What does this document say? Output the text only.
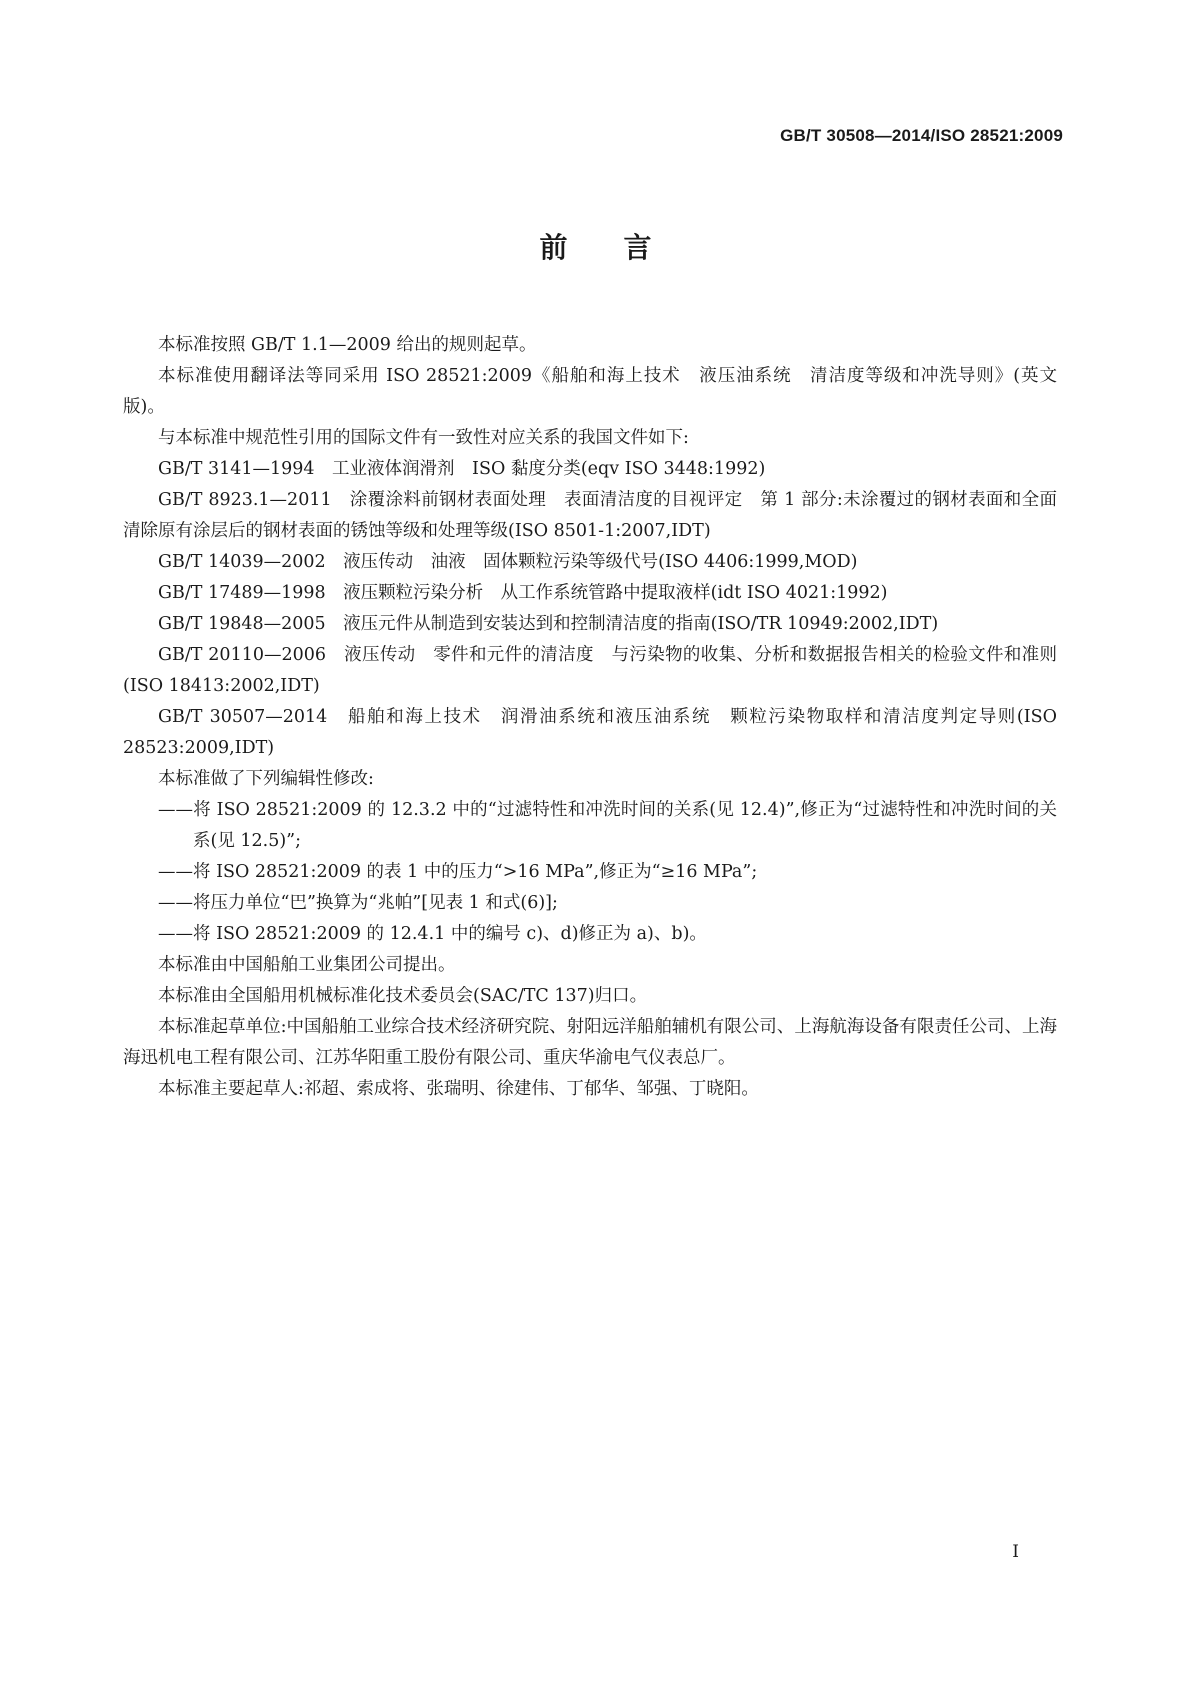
GB/T 30508—2014/ISO 28521:2009
前言

本标准按照 GB/T 1.1—2009 给出的规则起草。

本标准使用翻译法等同采用 ISO 28521:2009《船舶和海上技术　液压油系统　清洁度等级和冲洗导则》(英文版)。

与本标准中规范性引用的国际文件有一致性对应关系的我国文件如下:

GB/T 3141—1994　工业液体润滑剂　ISO 黏度分类(eqv ISO 3448:1992)

GB/T 8923.1—2011　涂覆涂料前钢材表面处理　表面清洁度的目视评定　第 1 部分:未涂覆过的钢材表面和全面清除原有涂层后的钢材表面的锈蚀等级和处理等级(ISO 8501-1:2007,IDT)

GB/T 14039—2002　液压传动　油液　固体颗粒污染等级代号(ISO 4406:1999,MOD)

GB/T 17489—1998　液压颗粒污染分析　从工作系统管路中提取液样(idt ISO 4021:1992)

GB/T 19848—2005　液压元件从制造到安装达到和控制清洁度的指南(ISO/TR 10949:2002,IDT)

GB/T 20110—2006　液压传动　零件和元件的清洁度　与污染物的收集、分析和数据报告相关的检验文件和准则(ISO 18413:2002,IDT)

GB/T 30507—2014　船舶和海上技术　润滑油系统和液压油系统　颗粒污染物取样和清洁度判定导则(ISO 28523:2009,IDT)

本标准做了下列编辑性修改:

——将 ISO 28521:2009 的 12.3.2 中的“过滤特性和冲洗时间的关系(见 12.4)”,修正为“过滤特性和冲洗时间的关系(见 12.5)”;
——将 ISO 28521:2009 的表 1 中的压力“>16 MPa”,修正为“≥16 MPa”;
——将压力单位“巴”换算为“兆帕”[见表 1 和式(6)];
——将 ISO 28521:2009 的 12.4.1 中的编号 c)、d)修正为 a)、b)。

本标准由中国船舶工业集团公司提出。

本标准由全国船用机械标准化技术委员会(SAC/TC 137)归口。

本标准起草单位:中国船舶工业综合技术经济研究院、射阳远洋船舶辅机有限公司、上海航海设备有限责任公司、上海海迅机电工程有限公司、江苏华阳重工股份有限公司、重庆华渝电气仪表总厂。

本标准主要起草人:祁超、索成将、张瑞明、徐建伟、丁郁华、邹强、丁晓阳。

I
